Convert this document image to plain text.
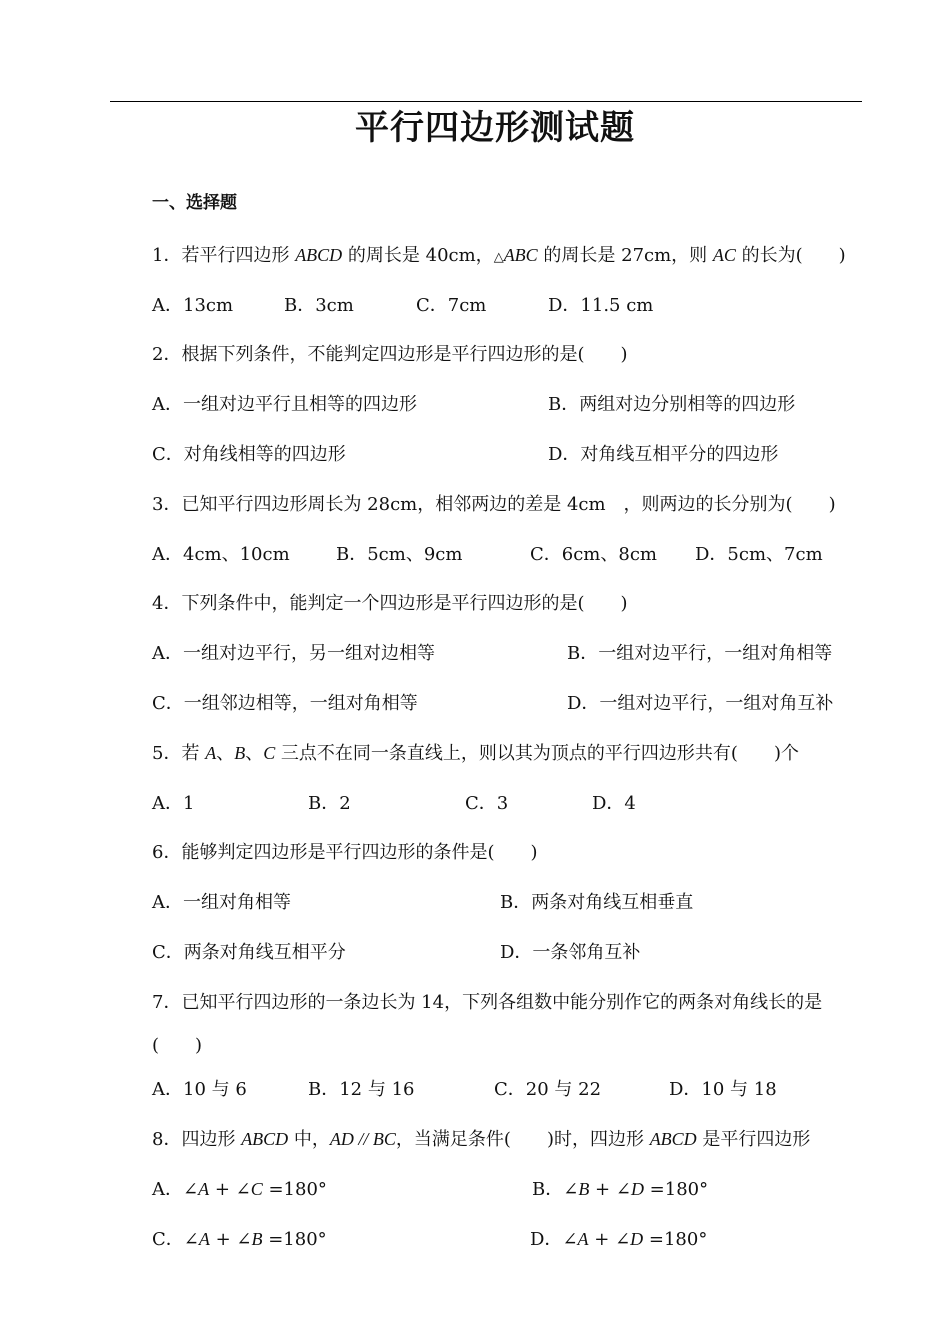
平行四边形测试题
一、选择题
1．若平行四边形 ABCD 的周长是 40cm，△ABC 的周长是 27cm，则 AC 的长为(　　)
A．13cm	B．3cm	C．7cm	D．11.5 cm
2．根据下列条件，不能判定四边形是平行四边形的是(　　)
A．一组对边平行且相等的四边形	B．两组对边分别相等的四边形
C．对角线相等的四边形	D．对角线互相平分的四边形
3．已知平行四边形周长为 28cm，相邻两边的差是 4cm　，则两边的长分别为(　　)
A．4cm、10cm	B．5cm、9cm	C．6cm、8cm D．5cm、7cm
4．下列条件中，能判定一个四边形是平行四边形的是(　　)
A．一组对边平行，另一组对边相等	B．一组对边平行，一组对角相等
C．一组邻边相等，一组对角相等	D．一组对边平行，一组对角互补
5．若 A、B、C 三点不在同一条直线上，则以其为顶点的平行四边形共有(　　)个
A．1	B．2	C．3	D．4
6．能够判定四边形是平行四边形的条件是(　　)
A．一组对角相等	B．两条对角线互相垂直
C．两条对角线互相平分	D．一条邻角互补
7．已知平行四边形的一条边长为 14，下列各组数中能分别作它的两条对角线长的是
(　　)
A．10 与 6	B．12 与 16	C．20 与 22	D．10 与 18
8．四边形 ABCD 中，AD // BC，当满足条件(　　)时，四边形 ABCD 是平行四边形
A．∠A + ∠C =180°	B．∠B + ∠D =180°
C．∠A + ∠B =180°	D．∠A + ∠D =180°
